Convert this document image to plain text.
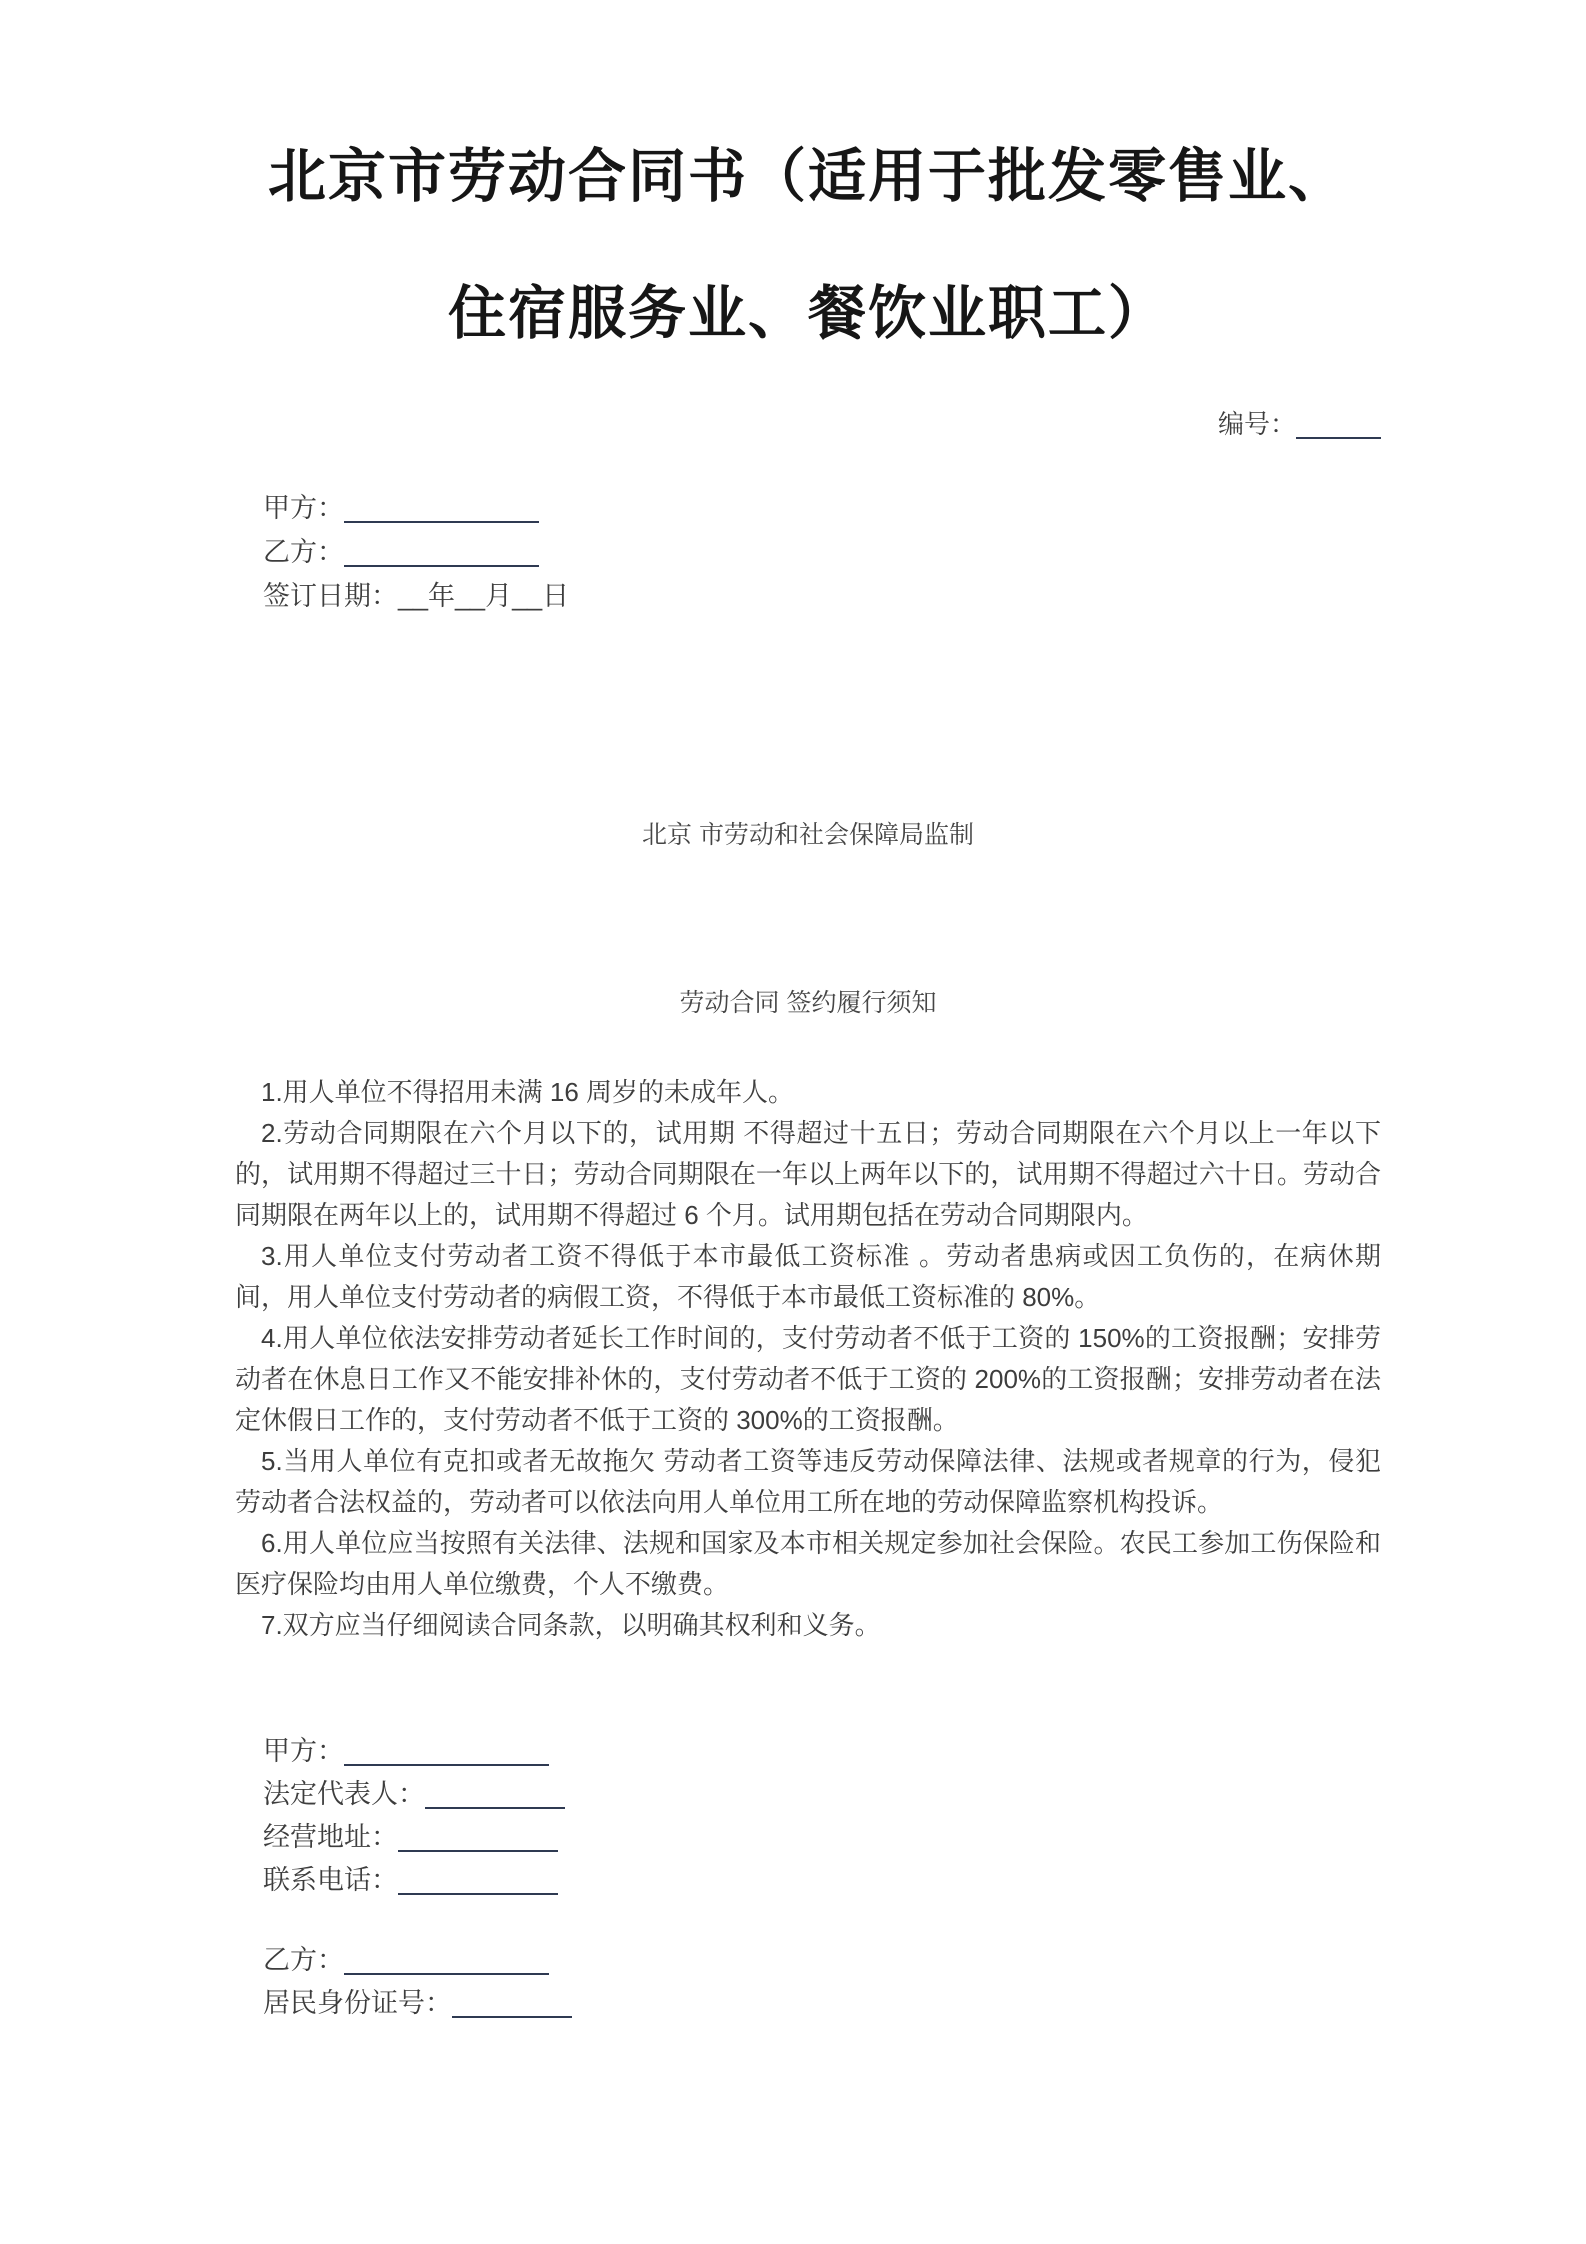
北京市劳动合同书（适用于批发零售业、
住宿服务业、餐饮业职工）
编号：
甲方：
乙方：
签订日期：__年__月__日
北京 市劳动和社会保障局监制
劳动合同 签约履行须知

1.用人单位不得招用未满 16 周岁的未成年人。

2.劳动合同期限在六个月以下的，试用期 不得超过十五日；劳动合同期限在六个月以上一年以下的，试用期不得超过三十日；劳动合同期限在一年以上两年以下的，试用期不得超过六十日。劳动合同期限在两年以上的，试用期不得超过 6 个月。试用期包括在劳动合同期限内。

3.用人单位支付劳动者工资不得低于本市最低工资标准 。劳动者患病或因工负伤的，在病休期间，用人单位支付劳动者的病假工资，不得低于本市最低工资标准的 80%。

4.用人单位依法安排劳动者延长工作时间的，支付劳动者不低于工资的 150%的工资报酬；安排劳动者在休息日工作又不能安排补休的，支付劳动者不低于工资的 200%的工资报酬；安排劳动者在法定休假日工作的，支付劳动者不低于工资的 300%的工资报酬。

5.当用人单位有克扣或者无故拖欠 劳动者工资等违反劳动保障法律、法规或者规章的行为，侵犯劳动者合法权益的，劳动者可以依法向用人单位用工所在地的劳动保障监察机构投诉。

6.用人单位应当按照有关法律、法规和国家及本市相关规定参加社会保险。农民工参加工伤保险和医疗保险均由用人单位缴费，个人不缴费。

7.双方应当仔细阅读合同条款，以明确其权利和义务。

甲方：
法定代表人：
经营地址：
联系电话：
乙方：
居民身份证号：
